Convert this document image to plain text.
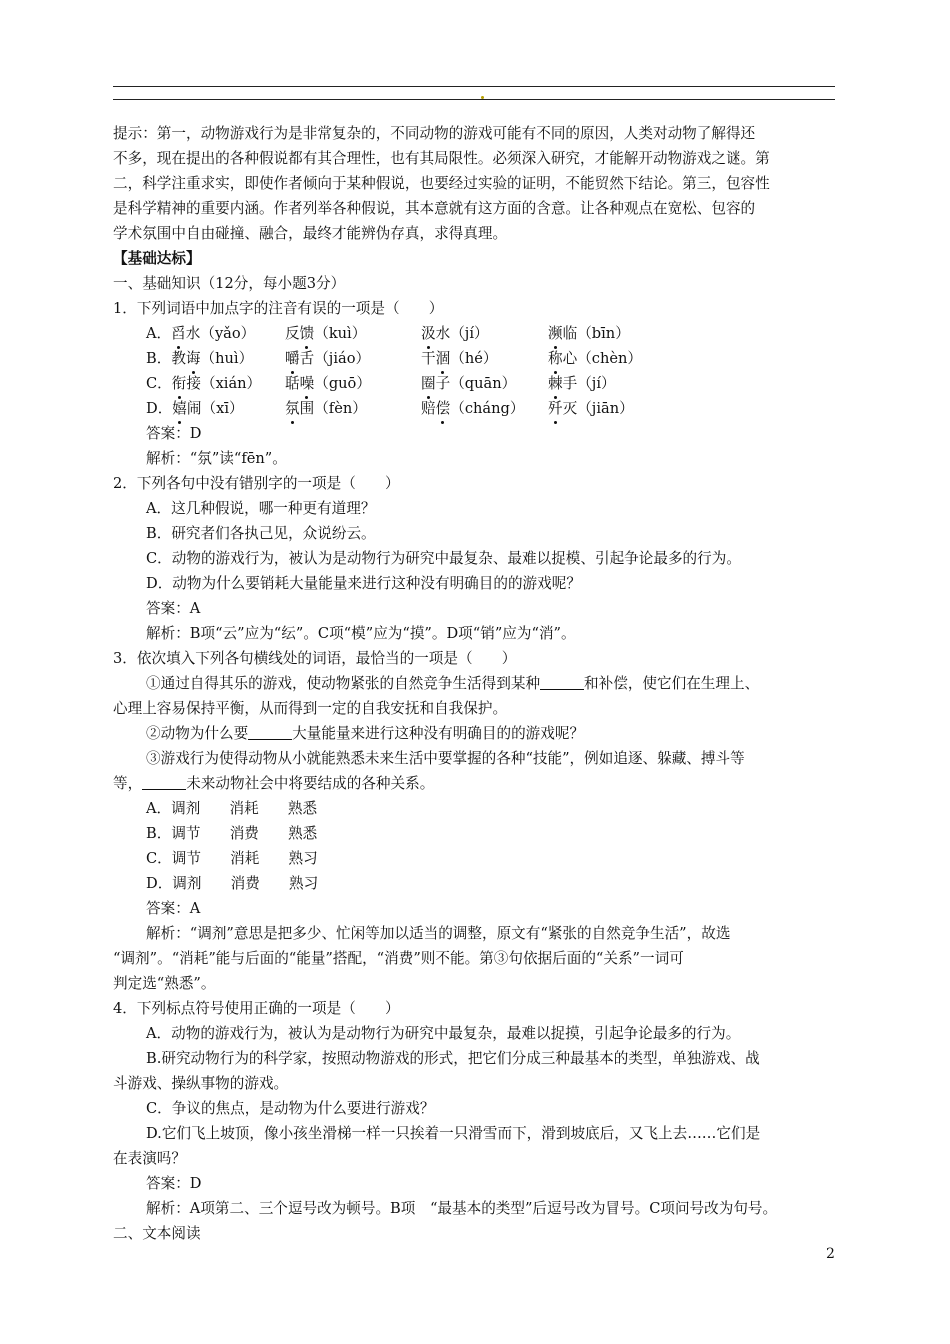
提示：第一，动物游戏行为是非常复杂的，不同动物的游戏可能有不同的原因，人类对动物了解得还
不多，现在提出的各种假说都有其合理性，也有其局限性。必须深入研究，才能解开动物游戏之谜。第
二，科学注重求实，即使作者倾向于某种假说，也要经过实验的证明，不能贸然下结论。第三，包容性
是科学精神的重要内涵。作者列举各种假说，其本意就有这方面的含意。让各种观点在宽松、包容的
学术氛围中自由碰撞、融合，最终才能辨伪存真，求得真理。
【基础达标】
一、基础知识（12分，每小题3分）
1．下列词语中加点字的注音有误的一项是（　　）
A．舀水（yǎo） 反馈（kuì）	汲水（jí）	濒临（bīn）
B．教诲（huì） 嚼舌（jiáo）	干涸（hé）	称心（chèn）
C．衔接（xián） 聒噪（guō）	圈子（quān） 棘手（jí）
D．嬉闹（xī）	氛围（fèn）	赔偿（cháng） 歼灭（jiān）
答案：D
解析：“氛”读“fēn”。
2．下列各句中没有错别字的一项是（　　）
A．这几种假说，哪一种更有道理？
B．研究者们各执己见，众说纷云。
C．动物的游戏行为，被认为是动物行为研究中最复杂、最难以捉模、引起争论最多的行为。
D．动物为什么要销耗大量能量来进行这种没有明确目的的游戏呢？
答案：A
解析：B项“云”应为“纭”。C项“模”应为“摸”。D项“销”应为“消”。
3．依次填入下列各句横线处的词语，最恰当的一项是（　　）
①通过自得其乐的游戏，使动物紧张的自然竞争生活得到某种	和补偿，使它们在生理上、
心理上容易保持平衡，从而得到一定的自我安抚和自我保护。
②动物为什么要	大量能量来进行这种没有明确目的的游戏呢？
③游戏行为使得动物从小就能熟悉未来生活中要掌握的各种“技能”，例如追逐、躲藏、搏斗等
等，	未来动物社会中将要结成的各种关系。
A．调剂　　消耗　　熟悉
B．调节　　消费　　熟悉
C．调节　　消耗　　熟习
D．调剂　　消费　　熟习
答案：A
解析：“调剂”意思是把多少、忙闲等加以适当的调整，原文有“紧张的自然竞争生活”，故选
“调剂”。“消耗”能与后面的“能量”搭配，“消费”则不能。第③句依据后面的“关系”一词可
判定选“熟悉”。
4．下列标点符号使用正确的一项是（　　）
A．动物的游戏行为，被认为是动物行为研究中最复杂，最难以捉摸，引起争论最多的行为。
B.研究动物行为的科学家，按照动物游戏的形式，把它们分成三种最基本的类型，单独游戏、战
斗游戏、操纵事物的游戏。
C．争议的焦点，是动物为什么要进行游戏？
D.它们飞上坡顶，像小孩坐滑梯一样一只挨着一只滑雪而下，滑到坡底后，又飞上去……它们是
在表演吗？
答案：D
解析：A项第二、三个逗号改为顿号。B项　“最基本的类型”后逗号改为冒号。C项问号改为句号。
二、文本阅读
2
